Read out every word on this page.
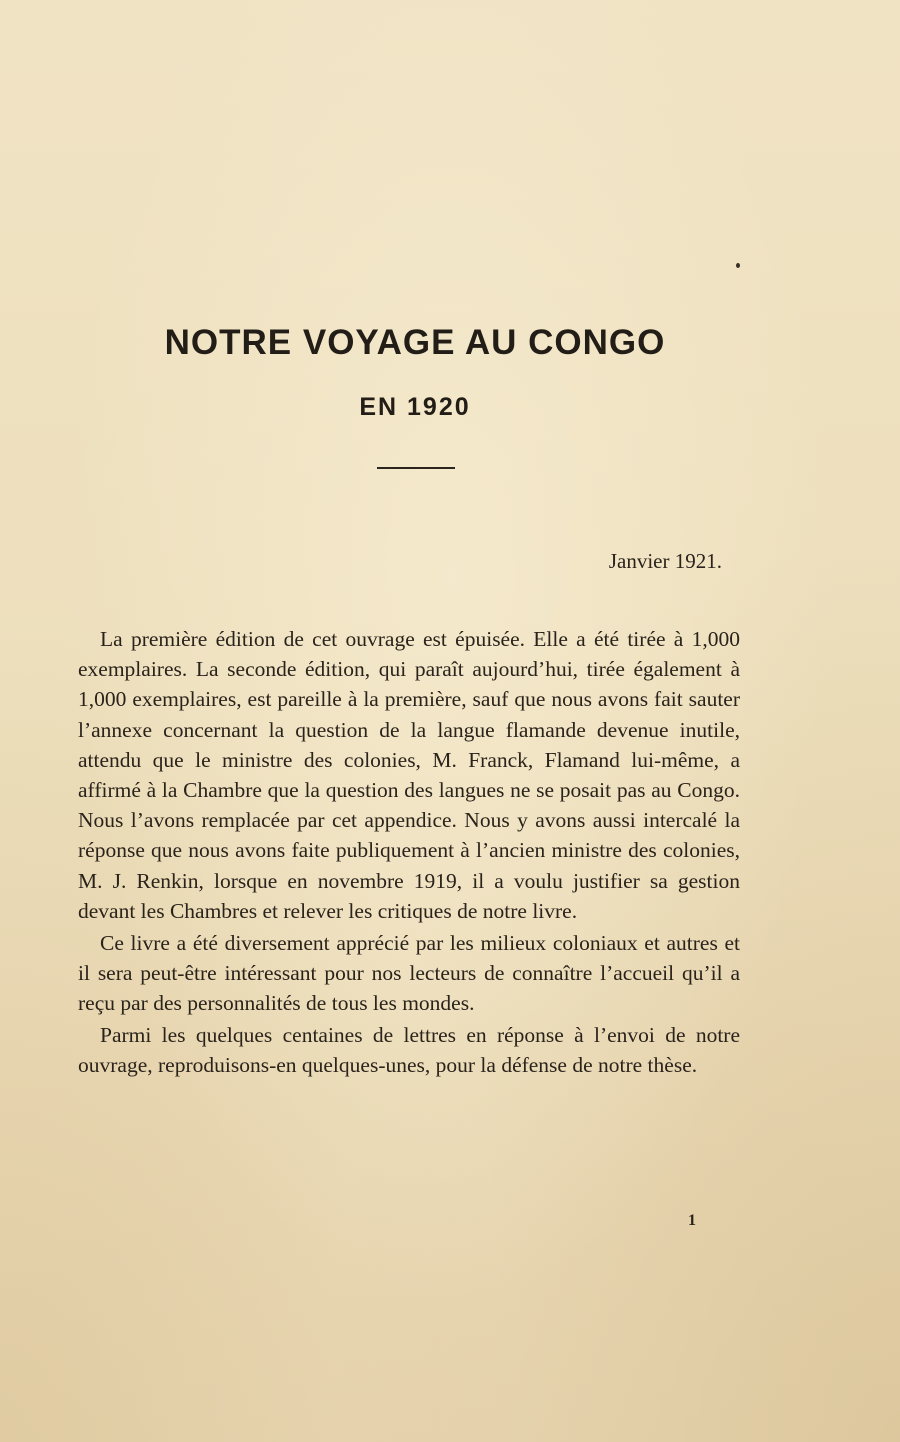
NOTRE VOYAGE AU CONGO
EN 1920
Janvier 1921.

La première édition de cet ouvrage est épuisée. Elle a été tirée à 1,000 exemplaires. La seconde édition, qui paraît aujourd’hui, tirée également à 1,000 exemplaires, est pareille à la première, sauf que nous avons fait sauter l’annexe concernant la question de la langue flamande devenue inutile, attendu que le ministre des colonies, M. Franck, Flamand lui-même, a affirmé à la Chambre que la question des langues ne se posait pas au Congo. Nous l’avons remplacée par cet appendice. Nous y avons aussi intercalé la réponse que nous avons faite publiquement à l’ancien ministre des colonies, M. J. Renkin, lorsque en novembre 1919, il a voulu justifier sa gestion devant les Chambres et relever les critiques de notre livre.

Ce livre a été diversement apprécié par les milieux coloniaux et autres et il sera peut-être intéressant pour nos lecteurs de connaître l’accueil qu’il a reçu par des personnalités de tous les mondes.

Parmi les quelques centaines de lettres en réponse à l’envoi de notre ouvrage, reproduisons-en quelques-unes, pour la défense de notre thèse.

1
